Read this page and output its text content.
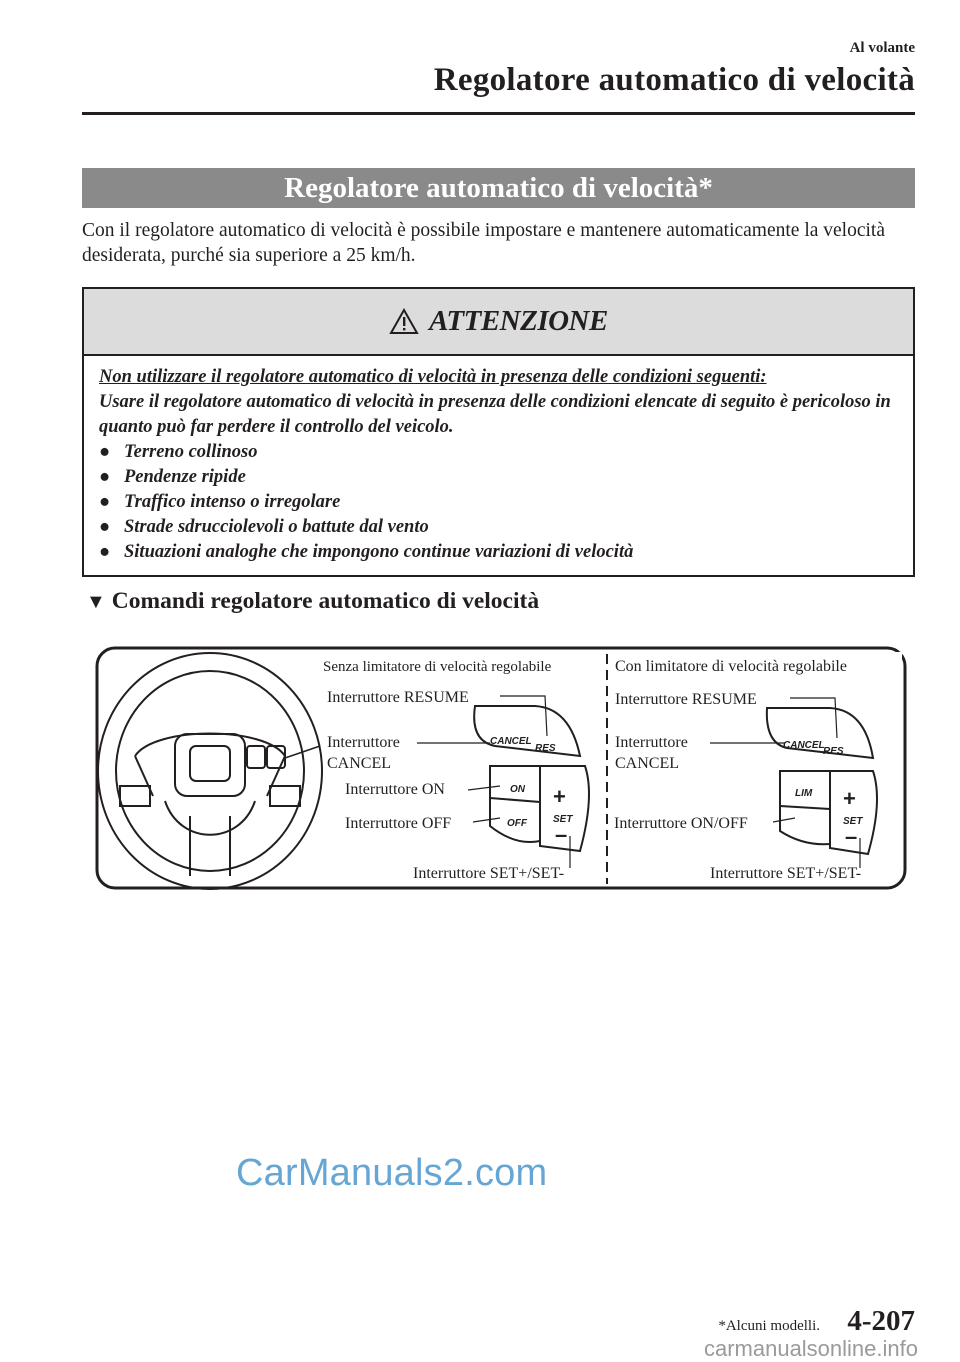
Al volante
Regolatore automatico di velocità
Regolatore automatico di velocità*
Con il regolatore automatico di velocità è possibile impostare e mantenere automaticamente la velocità desiderata, purché sia superiore a 25 km/h.
ATTENZIONE
Non utilizzare il regolatore automatico di velocità in presenza delle condizioni seguenti:
Usare il regolatore automatico di velocità in presenza delle condizioni elencate di seguito è pericoloso in quanto può far perdere il controllo del veicolo.
● Terreno collinoso
● Pendenze ripide
● Traffico intenso o irregolare
● Strade sdrucciolevoli o battute dal vento
● Situazioni analoghe che impongono continue variazioni di velocità
▼ Comandi regolatore automatico di velocità
Senza limitatore di velocità regolabile
Interruttore RESUME
Interruttore
CANCEL
Interruttore ON
Interruttore OFF
Interruttore SET+/SET-
CANCEL
RES
ON
OFF
+
SET
–
Con limitatore di velocità regolabile
Interruttore RESUME
Interruttore
CANCEL
Interruttore ON/OFF
Interruttore SET+/SET-
CANCEL
RES
LIM +
SET
–
CarManuals2.com
*Alcuni modelli. 4-207
carmanualsonline.info
